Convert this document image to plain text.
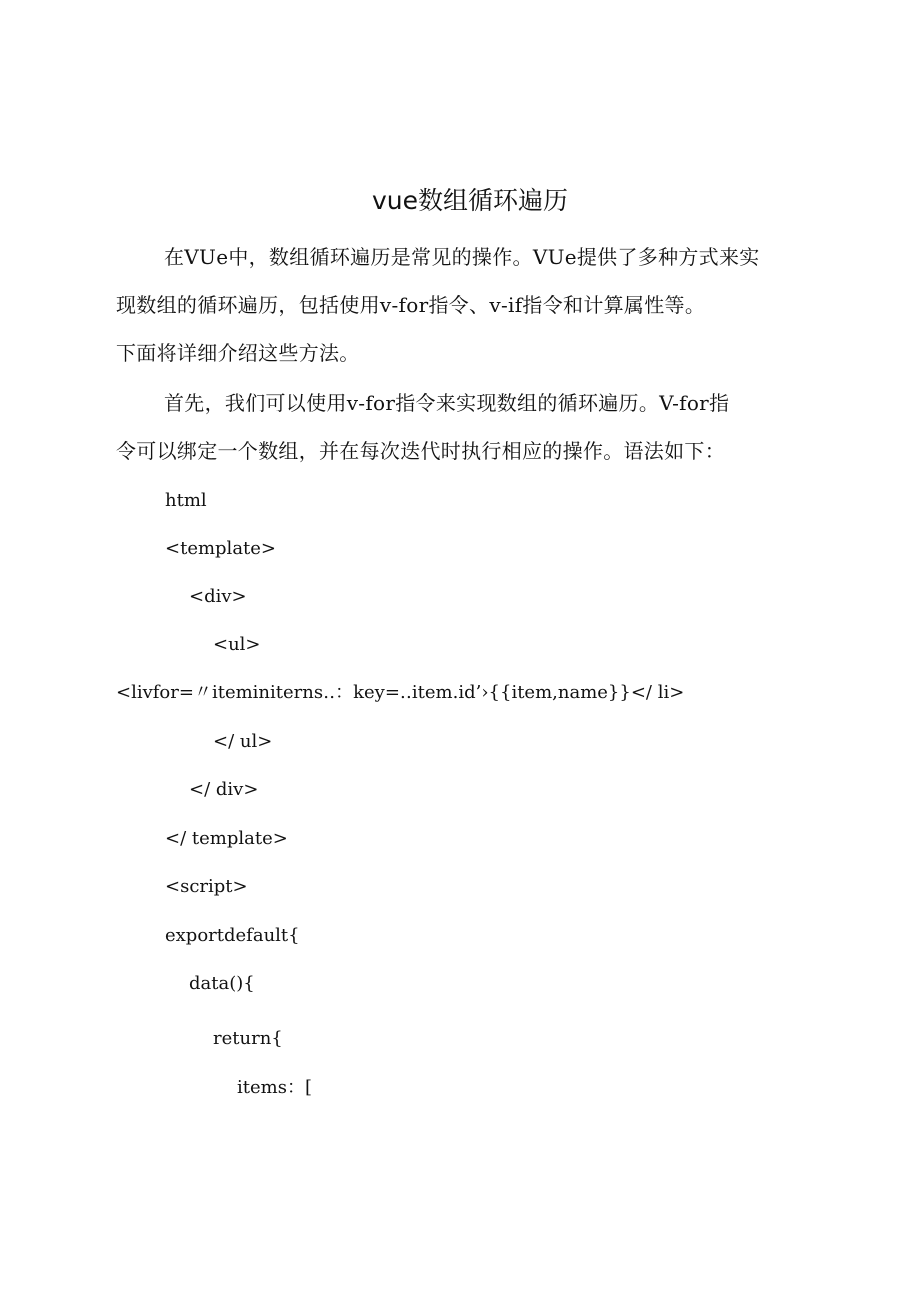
vue数组循环遍历

在VUe中，数组循环遍历是常见的操作。VUe提供了多种方式来实
现数组的循环遍历，包括使用v-for指令、v-if指令和计算属性等。
下面将详细介绍这些方法。

首先，我们可以使用v-for指令来实现数组的循环遍历。V-for指
令可以绑定一个数组，并在每次迭代时执行相应的操作。语法如下：

html
<template>
<div>
<ul>
<livfor=〃iteminiterns‥：key=‥item.id’›{{item,name}}</ li>
</ ul>
</ div>
</ template>
<script>
exportdefault{
data(){
return{
items：[
